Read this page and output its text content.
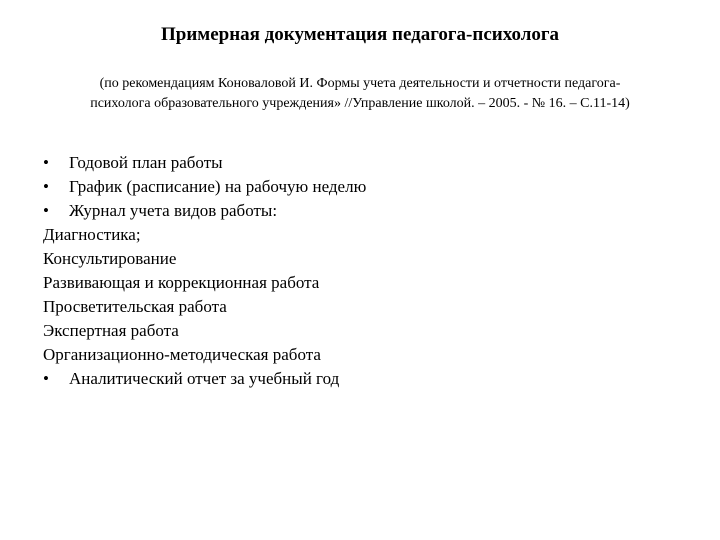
Примерная документация педагога-психолога
(по рекомендациям Коноваловой И. Формы учета деятельности и отчетности педагога-
психолога образовательного учреждения» //Управление школой. – 2005. - № 16. – С.11-14)
• Годовой план работы
• График (расписание) на рабочую неделю
• Журнал учета видов работы:
Диагностика;
Консультирование
Развивающая и коррекционная работа
Просветительская работа
Экспертная работа
Организационно-методическая работа
• Аналитический отчет за учебный год
